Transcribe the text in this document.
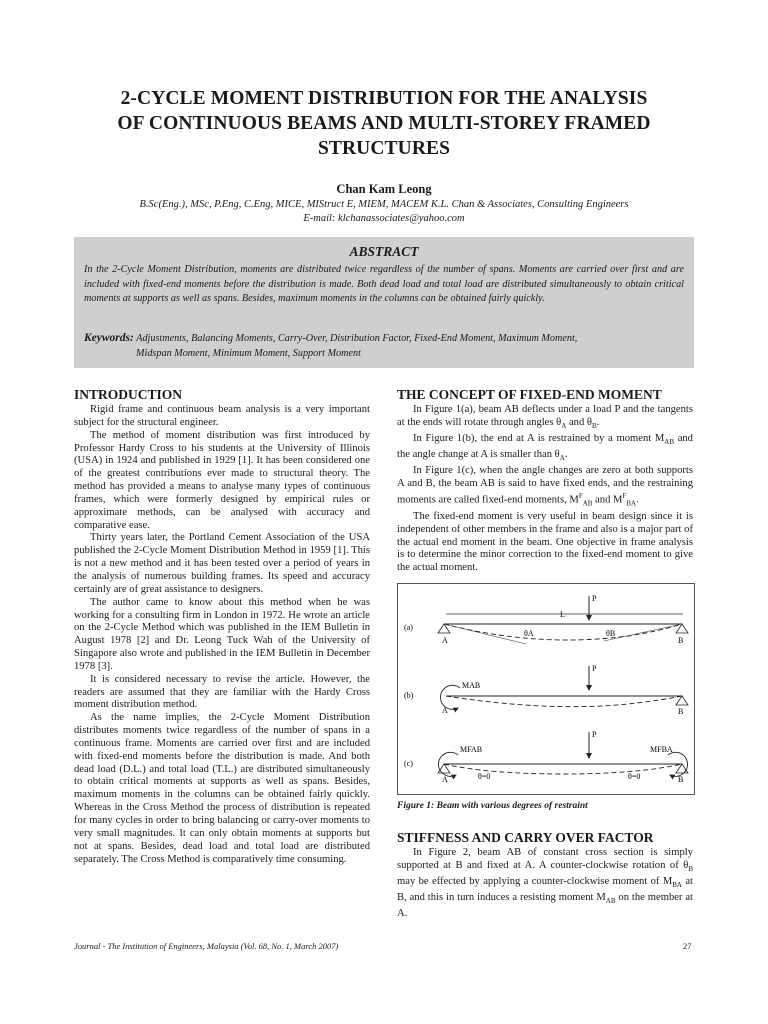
2-CYCLE MOMENT DISTRIBUTION FOR THE ANALYSIS
OF CONTINUOUS BEAMS AND MULTI-STOREY FRAMED
STRUCTURES
Chan Kam Leong
B.Sc(Eng.), MSc, P.Eng, C.Eng, MICE, MIStruct E, MIEM, MACEM K.L. Chan & Associates, Consulting Engineers
E-mail: klchanassociates@yahoo.com
ABSTRACT
In the 2-Cycle Moment Distribution, moments are distributed twice regardless of the number of spans. Moments are carried over first and are included with fixed-end moments before the distribution is made. Both dead load and total load are distributed simultaneously to obtain critical moments at supports as well as spans. Besides, maximum moments in the columns can be obtained fairly quickly.
Keywords: Adjustments, Balancing Moments, Carry-Over, Distribution Factor, Fixed-End Moment, Maximum Moment,
Midspan Moment, Minimum Moment, Support Moment
INTRODUCTION

Rigid frame and continuous beam analysis is a very important subject for the structural engineer.

The method of moment distribution was first introduced by Professor Hardy Cross to his students at the University of Illinois (USA) in 1924 and published in 1929 [1]. It has been considered one of the greatest contributions ever made to structural theory. The method has provided a means to analyse many types of continuous frames, which were formerly designed by empirical rules or approximate methods, can be analysed with accuracy and comparative ease.

Thirty years later, the Portland Cement Association of the USA published the 2-Cycle Moment Distribution Method in 1959 [1]. This is not a new method and it has been tested over a period of years in the analysis of numerous building frames. Its speed and accuracy certainly are of great assistance to designers.

The author came to know about this method when he was working for a consulting firm in London in 1972. He wrote an article on the 2-Cycle Method which was published in the IEM Bulletin in August 1978 [2] and Dr. Leong Tuck Wah of the University of Singapore also wrote and published in the IEM Bulletin in December 1978 [3].

It is considered necessary to revise the article. However, the readers are assumed that they are familiar with the Hardy Cross moment distribution method.

As the name implies, the 2-Cycle Moment Distribution distributes moments twice regardless of the number of spans in a continuous frame. Moments are carried over first and are included with fixed-end moments before the distribution is made. And both dead load (D.L.) and total load (T.L.) are distributed simultaneously to obtain critical moments at supports as well as spans. Besides, maximum moments in the columns can be obtained fairly quickly. Whereas in the Cross Method the process of distribution is repeated for many cycles in order to bring balancing or carry-over moments to very small magnitudes. It can only obtain moments at supports but not at spans. Besides, dead load and total load are distributed separately. The Cross Method is comparatively time consuming.

THE CONCEPT OF FIXED-END MOMENT

In Figure 1(a), beam AB deflects under a load P and the tangents at the ends will rotate through angles $\theta_A$ and $\theta_B$.

In Figure 1(b), the end at A is restrained by a moment $M_{AB}$ and the angle change at A is smaller than $\theta_A$.

In Figure 1(c), when the angle changes are zero at both supports A and B, the beam AB is said to have fixed ends, and the restraining moments are called fixed-end moments, $M^F_{AB}$ and $M^F_{BA}$.

The fixed-end moment is very useful in beam design since it is independent of other members in the frame and also is a major part of the actual end moment in the beam. One objective in frame analysis is to determine the minor correction to the fixed-end moment to give the actual moment.

(a)
L
P
θA	θB
A	B
(b)
P
MAB
A	B
(c)
P
MFAB	MFBA
θ=0	θ=0
A	B

Figure 1: Beam with various degrees of restraint

STIFFNESS AND CARRY OVER FACTOR

In Figure 2, beam AB of constant cross section is simply supported at B and fixed at A. A counter-clockwise rotation of $\theta_B$ may be effected by applying a counter-clockwise moment of $M_{BA}$ at B, and this in turn induces a resisting moment $M_{AB}$ on the member at A.

Journal - The Institution of Engineers, Malaysia (Vol. 68, No. 1, March 2007)	27
